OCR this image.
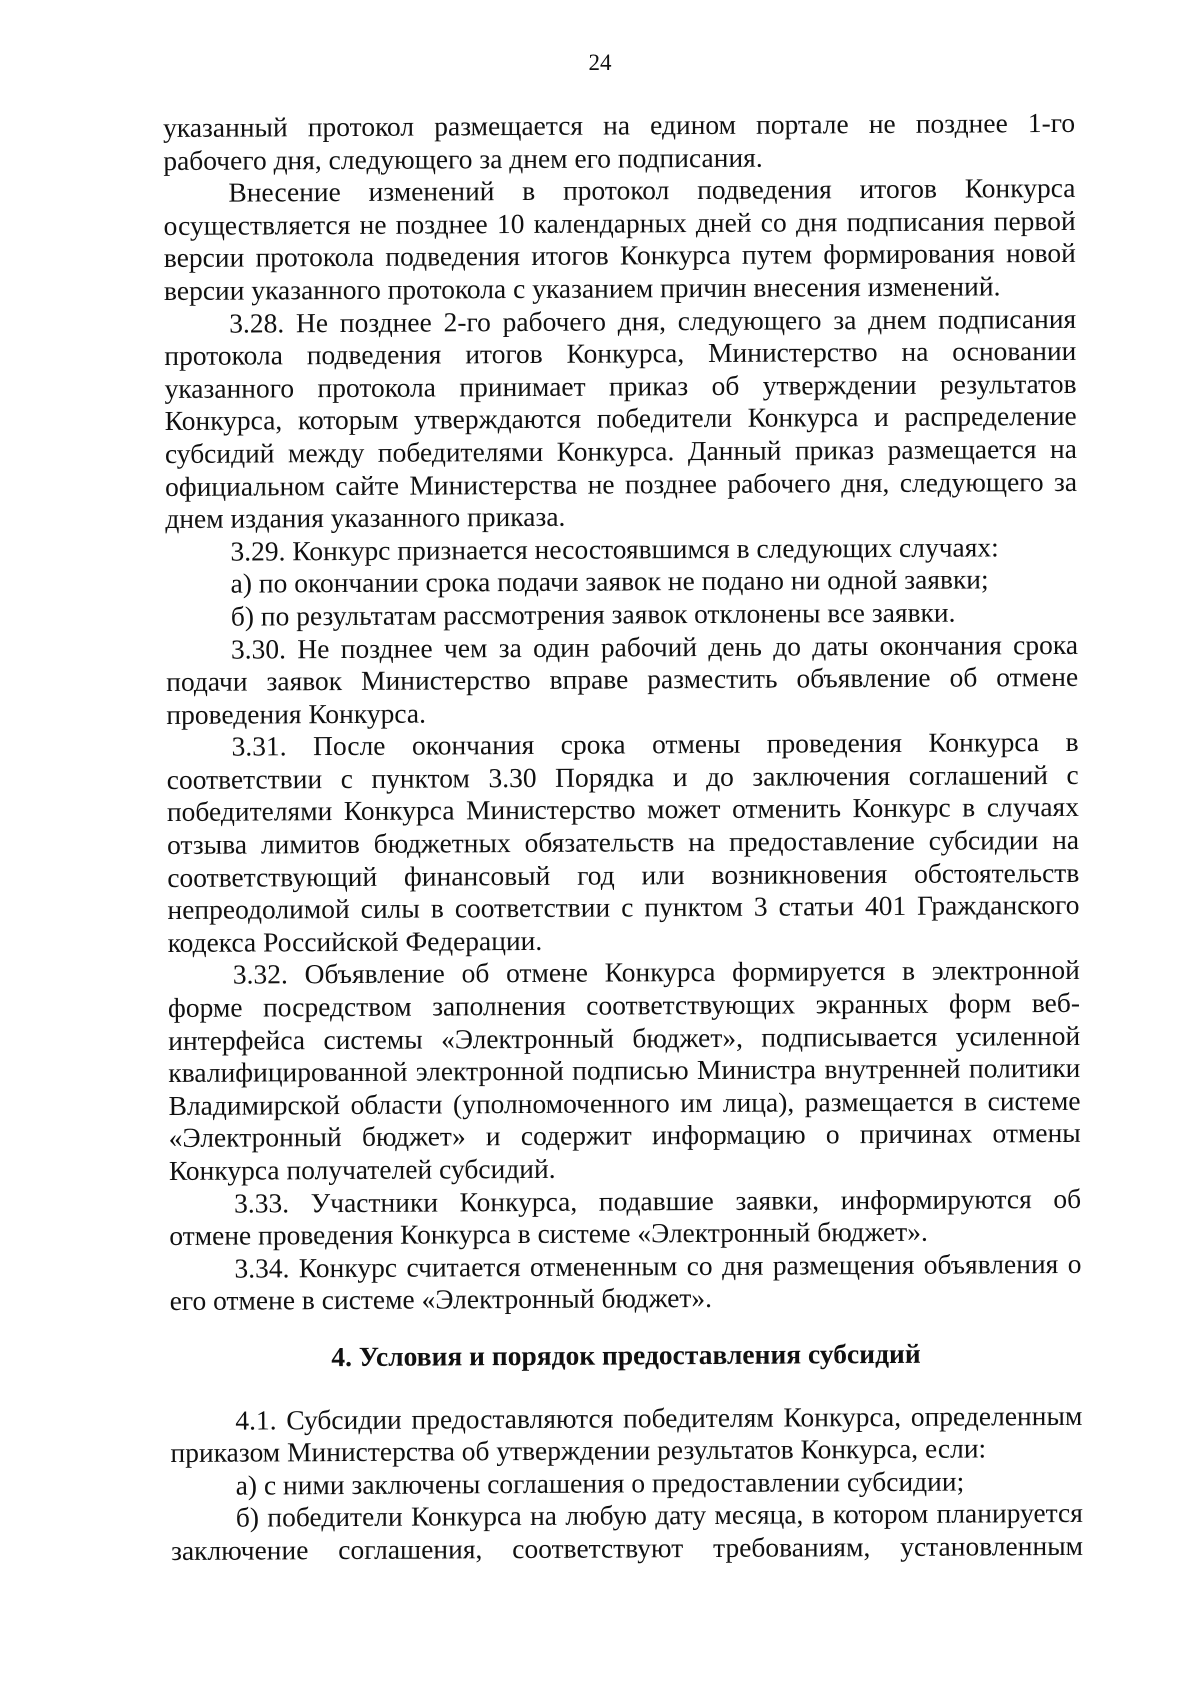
24

указанный протокол размещается на едином портале не позднее 1-го рабочего дня, следующего за днем его подписания.

Внесение изменений в протокол подведения итогов Конкурса осуществляется не позднее 10 календарных дней со дня подписания первой версии протокола подведения итогов Конкурса путем формирования новой версии указанного протокола с указанием причин внесения изменений.

3.28. Не позднее 2-го рабочего дня, следующего за днем подписания протокола подведения итогов Конкурса, Министерство на основании указанного протокола принимает приказ об утверждении результатов Конкурса, которым утверждаются победители Конкурса и распределение субсидий между победителями Конкурса. Данный приказ размещается на официальном сайте Министерства не позднее рабочего дня, следующего за днем издания указанного приказа.

3.29. Конкурс признается несостоявшимся в следующих случаях:

а) по окончании срока подачи заявок не подано ни одной заявки;

б) по результатам рассмотрения заявок отклонены все заявки.

3.30. Не позднее чем за один рабочий день до даты окончания срока подачи заявок Министерство вправе разместить объявление об отмене проведения Конкурса.

3.31. После окончания срока отмены проведения Конкурса в соответствии с пунктом 3.30 Порядка и до заключения соглашений с победителями Конкурса Министерство может отменить Конкурс в случаях отзыва лимитов бюджетных обязательств на предоставление субсидии на соответствующий финансовый год или возникновения обстоятельств непреодолимой силы в соответствии с пунктом 3 статьи 401 Гражданского кодекса Российской Федерации.

3.32. Объявление об отмене Конкурса формируется в электронной форме посредством заполнения соответствующих экранных форм веб-интерфейса системы «Электронный бюджет», подписывается усиленной квалифицированной электронной подписью Министра внутренней политики Владимирской области (уполномоченного им лица), размещается в системе «Электронный бюджет» и содержит информацию о причинах отмены Конкурса получателей субсидий.

3.33. Участники Конкурса, подавшие заявки, информируются об отмене проведения Конкурса в системе «Электронный бюджет».

3.34. Конкурс считается отмененным со дня размещения объявления о его отмене в системе «Электронный бюджет».

4. Условия и порядок предоставления субсидий

4.1. Субсидии предоставляются победителям Конкурса, определенным приказом Министерства об утверждении результатов Конкурса, если:

а) с ними заключены соглашения о предоставлении субсидии;

б) победители Конкурса на любую дату месяца, в котором планируется заключение соглашения, соответствуют требованиям, установленным
